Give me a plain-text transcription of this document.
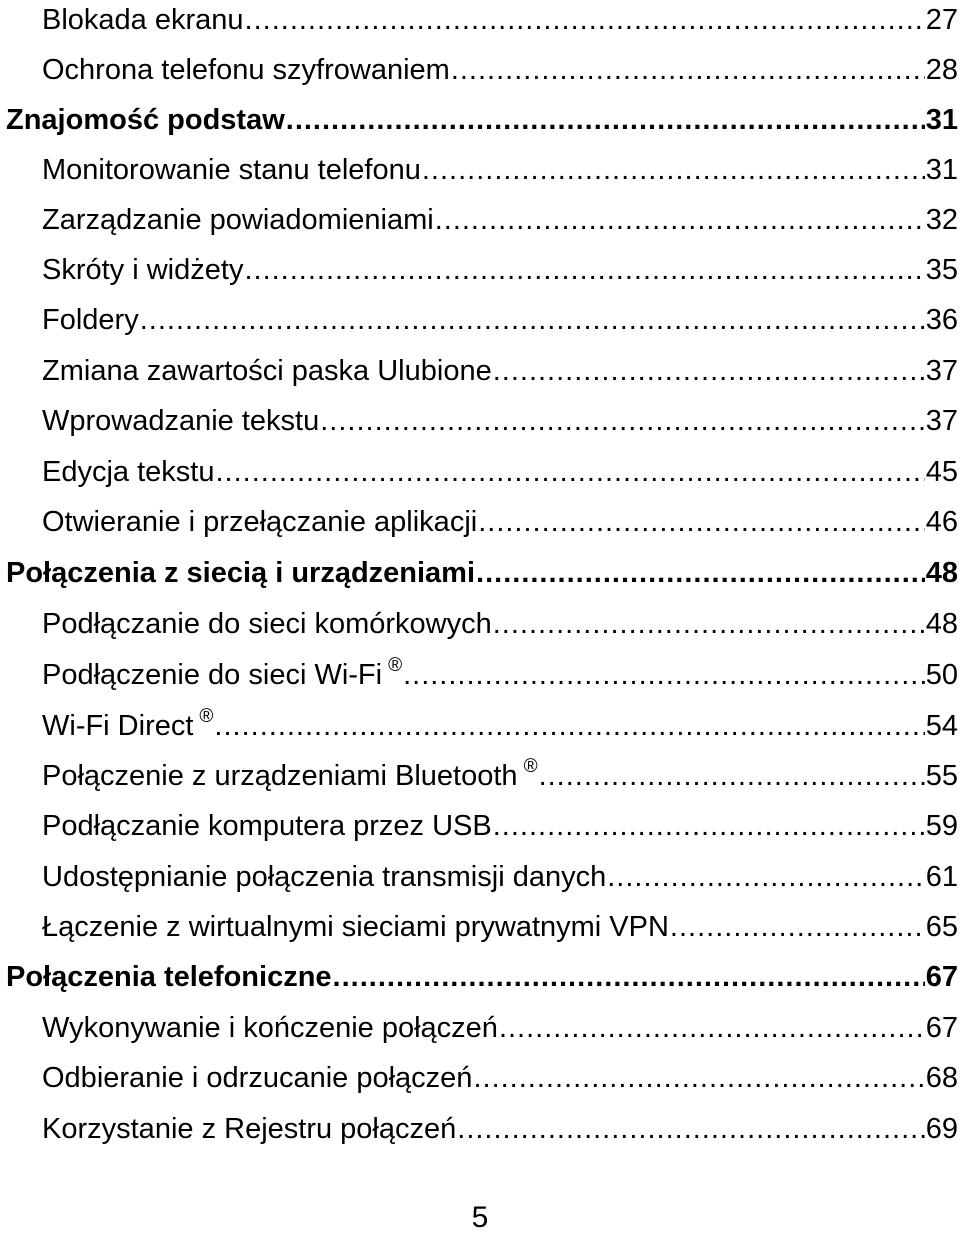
Blokada ekranu .....	27
Ochrona telefonu szyfrowaniem .....	28
Znajomość podstaw .....	31
Monitorowanie stanu telefonu .....	31
Zarządzanie powiadomieniami .....	32
Skróty i widżety .....	35
Foldery .....	36
Zmiana zawartości paska Ulubione .....	37
Wprowadzanie tekstu .....	37
Edycja tekstu .....	45
Otwieranie i przełączanie aplikacji .....	46
Połączenia z siecią i urządzeniami .....	48
Podłączanie do sieci komórkowych .....	48
Podłączenie do sieci Wi-Fi ® .....	50
Wi-Fi Direct ® .....	54
Połączenie z urządzeniami Bluetooth ® .....	55
Podłączanie komputera przez USB .....	59
Udostępnianie połączenia transmisji danych .....	61
Łączenie z wirtualnymi sieciami prywatnymi VPN .....	65
Połączenia telefoniczne .....	67
Wykonywanie i kończenie połączeń .....	67
Odbieranie i odrzucanie połączeń .....	68
Korzystanie z Rejestru połączeń .....	69
5
